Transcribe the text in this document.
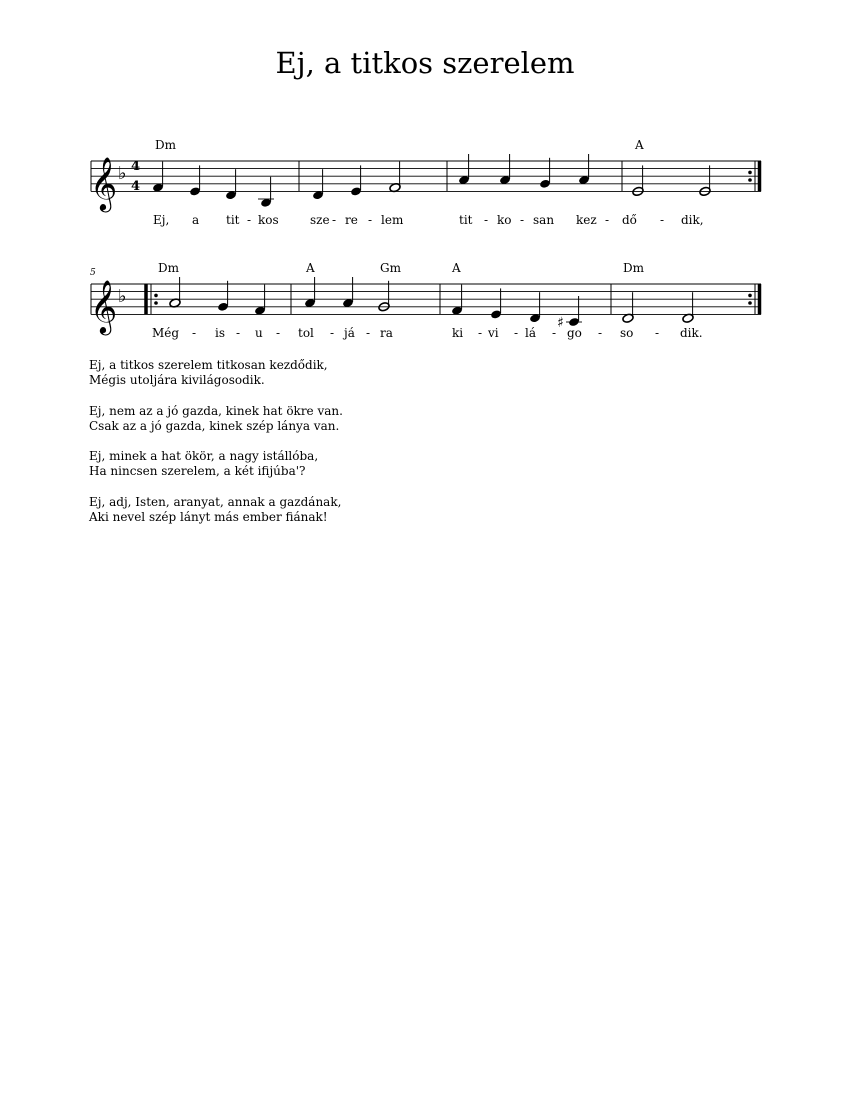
Ej, a titkos szerelem
𝄞
𝄞
♭
♭
4
4
5
Dm	A
Dm	A	Gm	A	Dm
♯
Ej, a tit kos	sze re lem	tit ko san kez dő	dik,
-	-	-	-	-	-	-
Még	is	u	tol	já ra	ki vi lá	go	so	dik.
-	-	-	-	-	-	-	-	-	-
Ej, a titkos szerelem titkosan kezdődik,
Mégis utoljára kivilágosodik.
Ej, nem az a jó gazda, kinek hat ökre van.
Csak az a jó gazda, kinek szép lánya van.
Ej, minek a hat ökör, a nagy istállóba,
Ha nincsen szerelem, a két ifijúba'?
Ej, adj, Isten, aranyat, annak a gazdának,
Aki nevel szép lányt más ember fiának!
